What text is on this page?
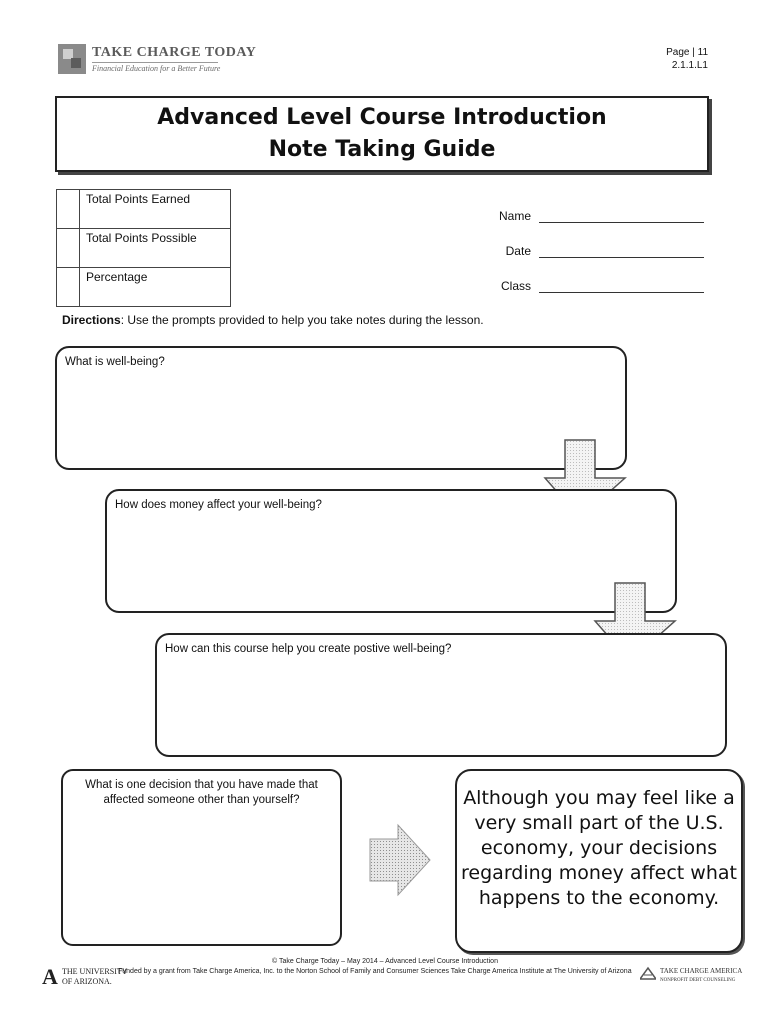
TAKE CHARGE TODAY
Financial Education for a Better Future
Page | 11
2.1.1.L1
Advanced Level Course Introduction
Note Taking Guide
	Total Points Earned
	Total Points Possible
	Percentage
Name
Date
Class
Directions: Use the prompts provided to help you take notes during the lesson.
What is well-being?
How does money affect your well-being?
How can this course help you create postive well-being?
What is one decision that you have made that affected someone other than yourself?	Although you may feel like a very small part of the U.S. economy, your decisions regarding money affect what happens to the economy.
© Take Charge Today – May 2014 – Advanced Level Course Introduction
A THE UNIVERSITY
OF ARIZONA.
Funded by a grant from Take Charge America, Inc. to the Norton School of Family and Consumer Sciences Take Charge America Institute at The University of Arizona	TAKE CHARGE AMERICA
NONPROFIT DEBT COUNSELING
